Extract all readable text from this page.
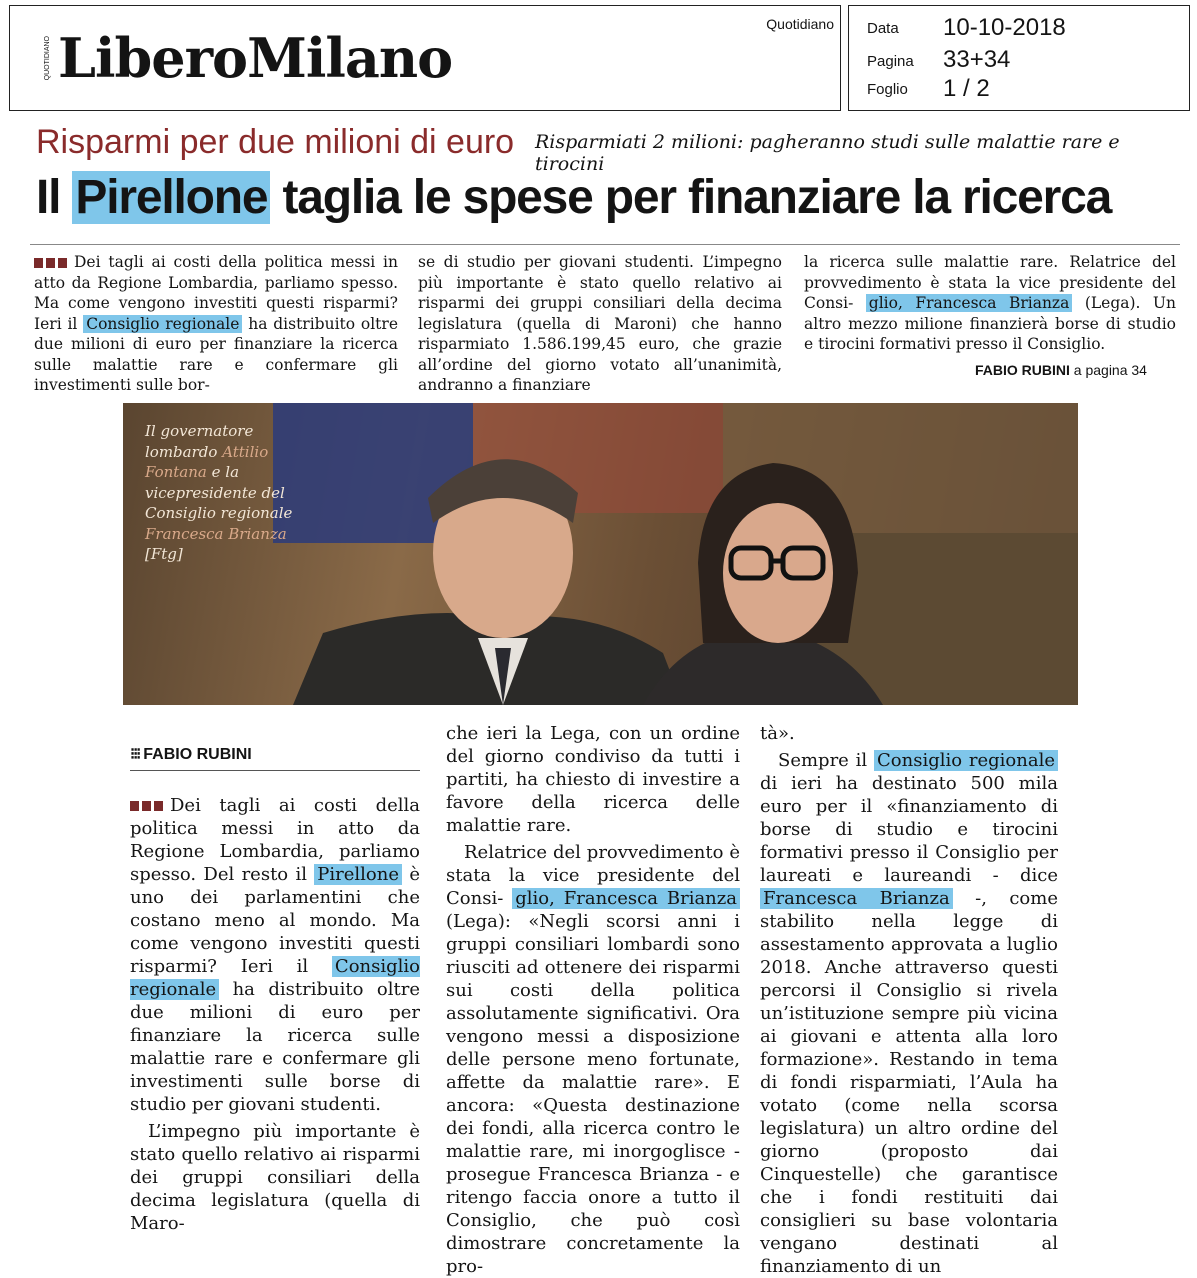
QUOTIDIANO LiberoMilano
Quotidiano Data 10-10-2018
Pagina 33+34
Foglio 1 / 2
Risparmi per due milioni di euro Risparmiati 2 milioni: pagheranno studi sulle malattie rare e tirocini
Il Pirellone taglia le spese per finanziare la ricerca

Dei tagli ai costi della politica messi in atto da Regione Lombardia, parliamo spesso. Ma come vengono investiti questi risparmi? Ieri il Consiglio regionale ha distribuito oltre due milioni di euro per finanziare la ricerca sulle malattie rare e confermare gli investimenti sulle bor-

se di studio per giovani studenti. L’impegno più importante è stato quello relativo ai risparmi dei gruppi consiliari della decima legislatura (quella di Maroni) che hanno risparmiato 1.586.199,45 euro, che grazie all’ordine del giorno votato all’unanimità, andranno a finanziare

la ricerca sulle malattie rare. Relatrice del provvedimento è stata la vice presidente del Consi- glio, Francesca Brianza (Lega). Un altro mezzo milione finanzierà borse di studio e tirocini formativi presso il Consiglio.

FABIO RUBINI a pagina 34
Il governatore lombardo Attilio Fontana e la vicepresidente del Consiglio regionale Francesca Brianza [Ftg]
⁝⁝⁝ FABIO RUBINI

Dei tagli ai costi della politica messi in atto da Regione Lombardia, parliamo spesso. Del resto il Pirellone è uno dei parlamentini che costano meno al mondo. Ma come vengono investiti questi risparmi? Ieri il Consiglio regionale ha distribuito oltre due milioni di euro per finanziare la ricerca sulle malattie rare e confermare gli investimenti sulle borse di studio per giovani studenti.

L’impegno più importante è stato quello relativo ai risparmi dei gruppi consiliari della decima legislatura (quella di Maro-

che ieri la Lega, con un ordine del giorno condiviso da tutti i partiti, ha chiesto di investire a favore della ricerca delle malattie rare.

Relatrice del provvedimento è stata la vice presidente del Consi- glio, Francesca Brianza (Lega): «Negli scorsi anni i gruppi consiliari lombardi sono riusciti ad ottenere dei risparmi sui costi della politica assolutamente significativi. Ora vengono messi a disposizione delle persone meno fortunate, affette da malattie rare». E ancora: «Questa destinazione dei fondi, alla ricerca contro le malattie rare, mi inorgoglisce - prosegue Francesca Brianza - e ritengo faccia onore a tutto il Consiglio, che può così dimostrare concretamente la pro-

tà».

Sempre il Consiglio regionale di ieri ha destinato 500 mila euro per il «finanziamento di borse di studio e tirocini formativi presso il Consiglio per laureati e laureandi - dice Francesca Brianza -, come stabilito nella legge di assestamento approvata a luglio 2018. Anche attraverso questi percorsi il Consiglio si rivela un’istituzione sempre più vicina ai giovani e attenta alla loro formazione». Restando in tema di fondi risparmiati, l’Aula ha votato (come nella scorsa legislatura) un altro ordine del giorno (proposto dai Cinquestelle) che garantisce che i fondi restituiti dai consiglieri su base volontaria vengano destinati al finanziamento di un
